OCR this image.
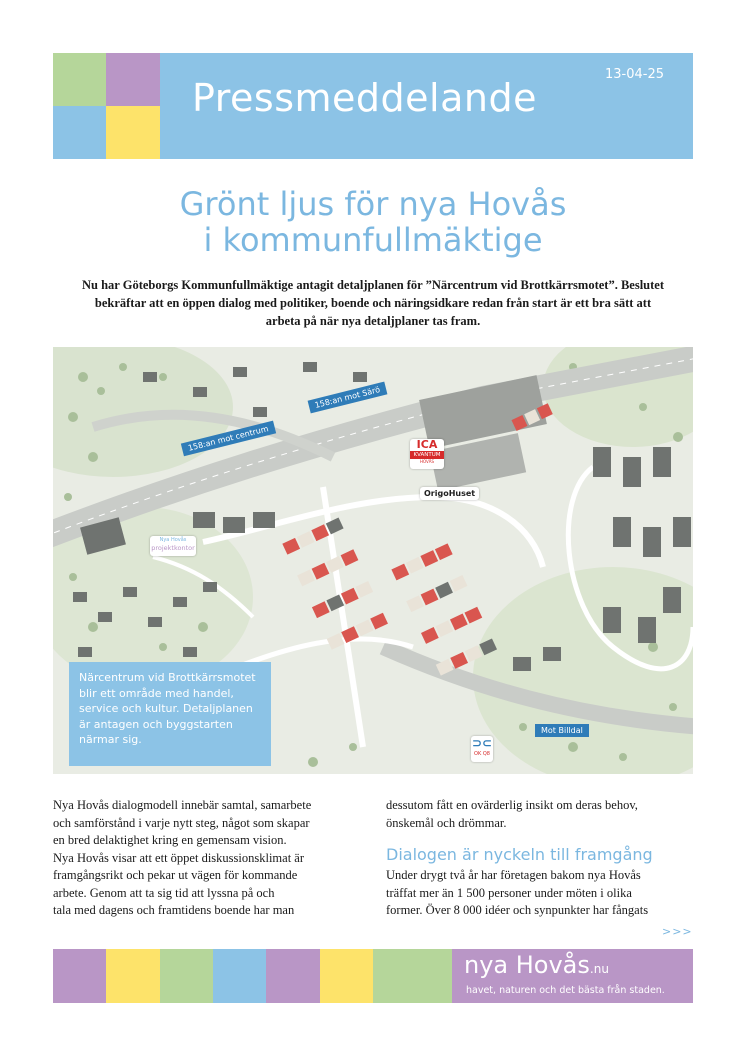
Pressmeddelande
13-04-25
Grönt ljus för nya Hovås
i kommunfullmäktige
Nu har Göteborgs Kommunfullmäktige antagit detaljplanen för ”Närcentrum vid Brottkärrsmotet”. Beslutet bekräftar att en öppen dialog med politiker, boende och näringsidkare redan från start är ett bra sätt att arbeta på när nya detaljplaner tas fram.
158:an mot Särö
158:an mot centrum
Mot Billdal
ICA
KVANTUM
HOVÅS
OrigoHuset
Nya Hovås
projektkontor
⊃⊂
OK Q8
Närcentrum vid Brottkärrsmotet blir ett område med handel, service och kultur. Detaljplanen är antagen och byggstarten närmar sig.
Nya Hovås dialogmodell innebär samtal, samarbete
och samförstånd i varje nytt steg, något som skapar
en bred delaktighet kring en gemensam vision.
Nya Hovås visar att ett öppet diskussionsklimat är
framgångsrikt och pekar ut vägen för kommande
arbete. Genom att ta sig tid att lyssna på och
tala med dagens och framtidens boende har man
dessutom fått en ovärderlig insikt om deras behov,
önskemål och drömmar.
Dialogen är nyckeln till framgång
Under drygt två år har företagen bakom nya Hovås
träffat mer än 1 500 personer under möten i olika
former. Över 8 000 idéer och synpunkter har fångats
>>>
nya Hovås.nu
havet, naturen och det bästa från staden.
